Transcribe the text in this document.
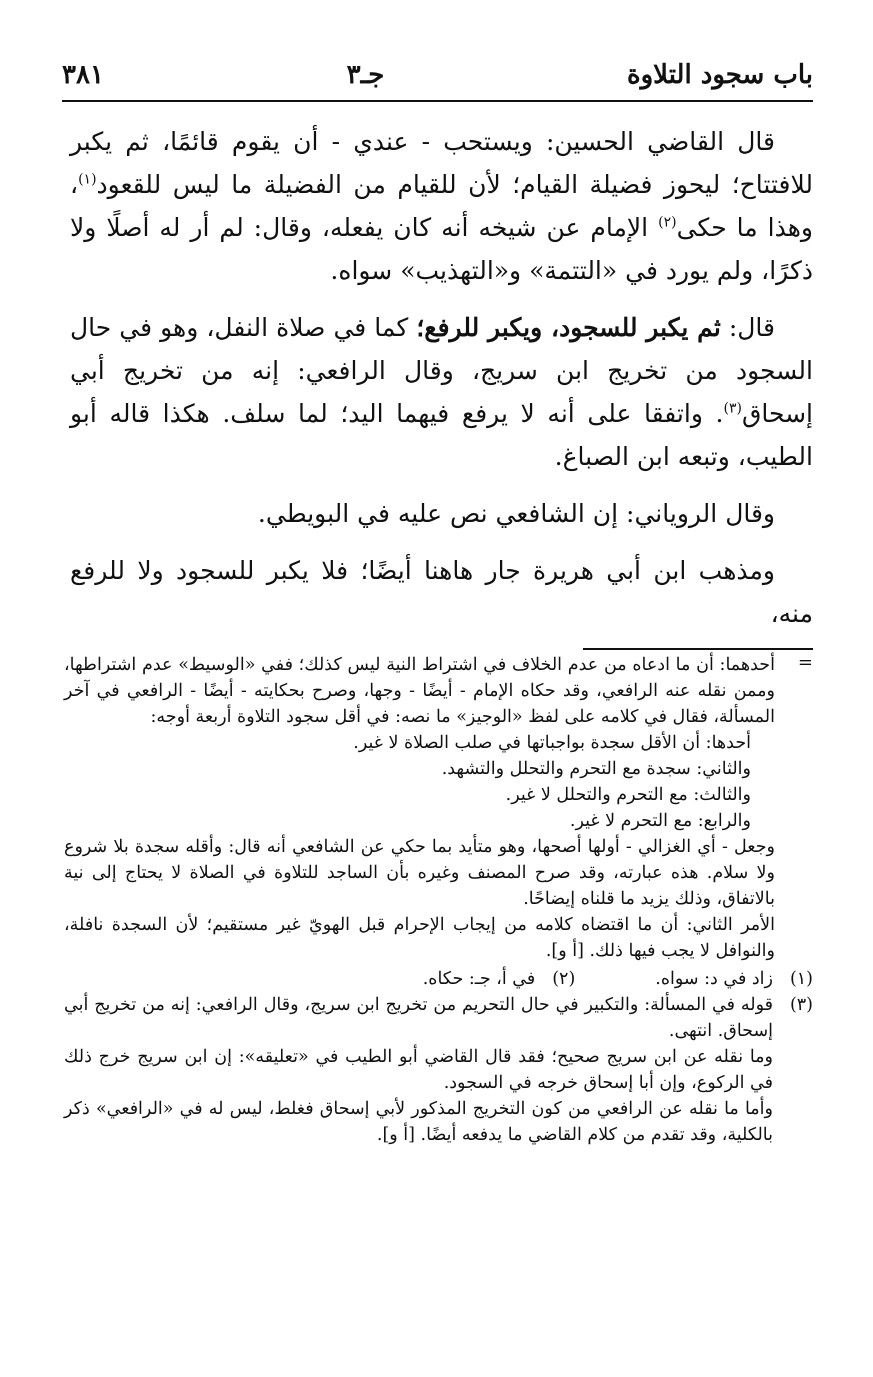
باب سجود التلاوة
جـ٣
٣٨١

قال القاضي الحسين: ويستحب - عندي - أن يقوم قائمًا، ثم يكبر للافتتاح؛ ليحوز فضيلة القيام؛ لأن للقيام من الفضيلة ما ليس للقعود$^{(١)}$، وهذا ما حكى$^{(٢)}$ الإمام عن شيخه أنه كان يفعله، وقال: لم أر له أصلًا ولا ذكرًا، ولم يورد في «التتمة» و«التهذيب» سواه.

قال: ثم يكبر للسجود، ويكبر للرفع؛ كما في صلاة النفل، وهو في حال السجود من تخريج ابن سريج، وقال الرافعي: إنه من تخريج أبي إسحاق$^{(٣)}$. واتفقا على أنه لا يرفع فيهما اليد؛ لما سلف. هكذا قاله أبو الطيب، وتبعه ابن الصباغ.

وقال الروياني: إن الشافعي نص عليه في البويطي.

ومذهب ابن أبي هريرة جار هاهنا أيضًا؛ فلا يكبر للسجود ولا للرفع منه،

=

أحدهما: أن ما ادعاه من عدم الخلاف في اشتراط النية ليس كذلك؛ ففي «الوسيط» عدم اشتراطها، وممن نقله عنه الرافعي، وقد حكاه الإمام - أيضًا - وجها، وصرح بحكايته - أيضًا - الرافعي في آخر المسألة، فقال في كلامه على لفظ «الوجيز» ما نصه: في أقل سجود التلاوة أربعة أوجه:

أحدها: أن الأقل سجدة بواجباتها في صلب الصلاة لا غير.

والثاني: سجدة مع التحرم والتحلل والتشهد.

والثالث: مع التحرم والتحلل لا غير.

والرابع: مع التحرم لا غير.

وجعل - أي الغزالي - أولها أصحها، وهو متأيد بما حكي عن الشافعي أنه قال: وأقله سجدة بلا شروع ولا سلام. هذه عبارته، وقد صرح المصنف وغيره بأن الساجد للتلاوة في الصلاة لا يحتاج إلى نية بالاتفاق، وذلك يزيد ما قلناه إيضاحًا.

الأمر الثاني: أن ما اقتضاه كلامه من إيجاب الإحرام قبل الهويّ غير مستقيم؛ لأن السجدة نافلة، والنوافل لا يجب فيها ذلك. [أ و].

(١)
زاد في د: سواه.
(٢)
في أ، جـ: حكاه.
(٣)

قوله في المسألة: والتكبير في حال التحريم من تخريج ابن سريج، وقال الرافعي: إنه من تخريج أبي إسحاق. انتهى.

وما نقله عن ابن سريج صحيح؛ فقد قال القاضي أبو الطيب في «تعليقه»: إن ابن سريج خرج ذلك في الركوع، وإن أبا إسحاق خرجه في السجود.

وأما ما نقله عن الرافعي من كون التخريج المذكور لأبي إسحاق فغلط، ليس له في «الرافعي» ذكر بالكلية، وقد تقدم من كلام القاضي ما يدفعه أيضًا. [أ و].
